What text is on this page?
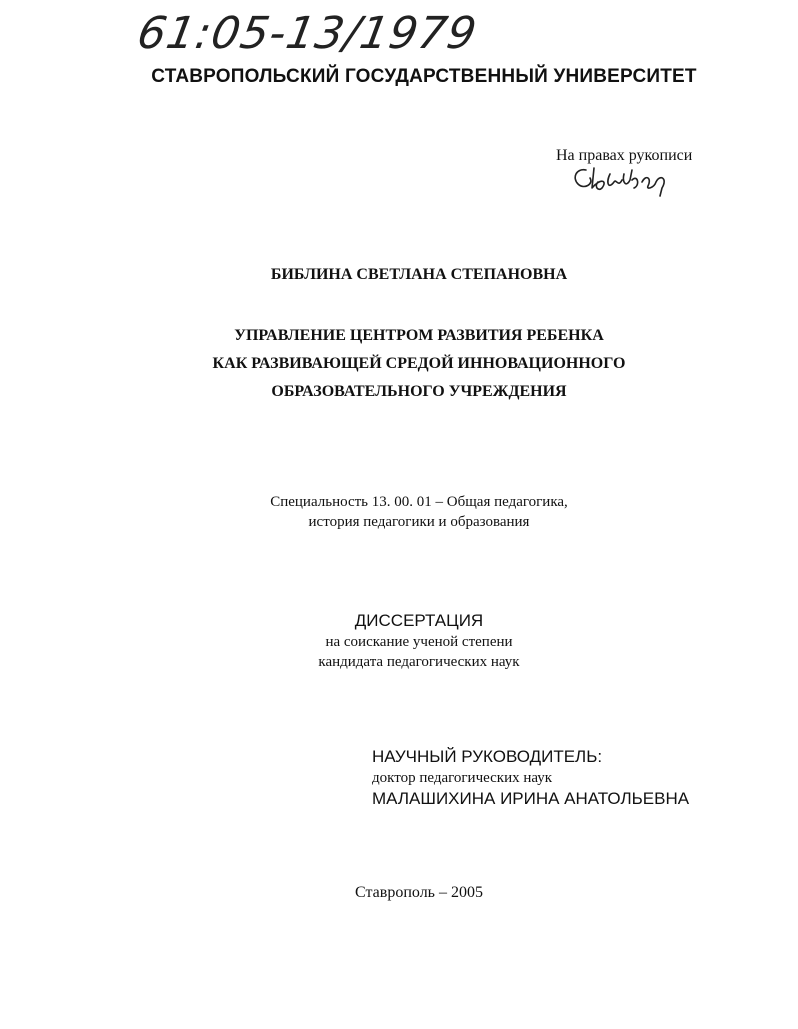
61:05-13/1979
СТАВРОПОЛЬСКИЙ ГОСУДАРСТВЕННЫЙ УНИВЕРСИТЕТ
На правах рукописи
БИБЛИНА СВЕТЛАНА СТЕПАНОВНА
УПРАВЛЕНИЕ ЦЕНТРОМ РАЗВИТИЯ РЕБЕНКА
КАК РАЗВИВАЮЩЕЙ СРЕДОЙ ИННОВАЦИОННОГО
ОБРАЗОВАТЕЛЬНОГО УЧРЕЖДЕНИЯ
Специальность 13. 00. 01 – Общая педагогика,
история педагогики и образования
ДИССЕРТАЦИЯ
на соискание ученой степени
кандидата педагогических наук
НАУЧНЫЙ РУКОВОДИТЕЛЬ:
доктор педагогических наук
МАЛАШИХИНА ИРИНА АНАТОЛЬЕВНА
Ставрополь – 2005
